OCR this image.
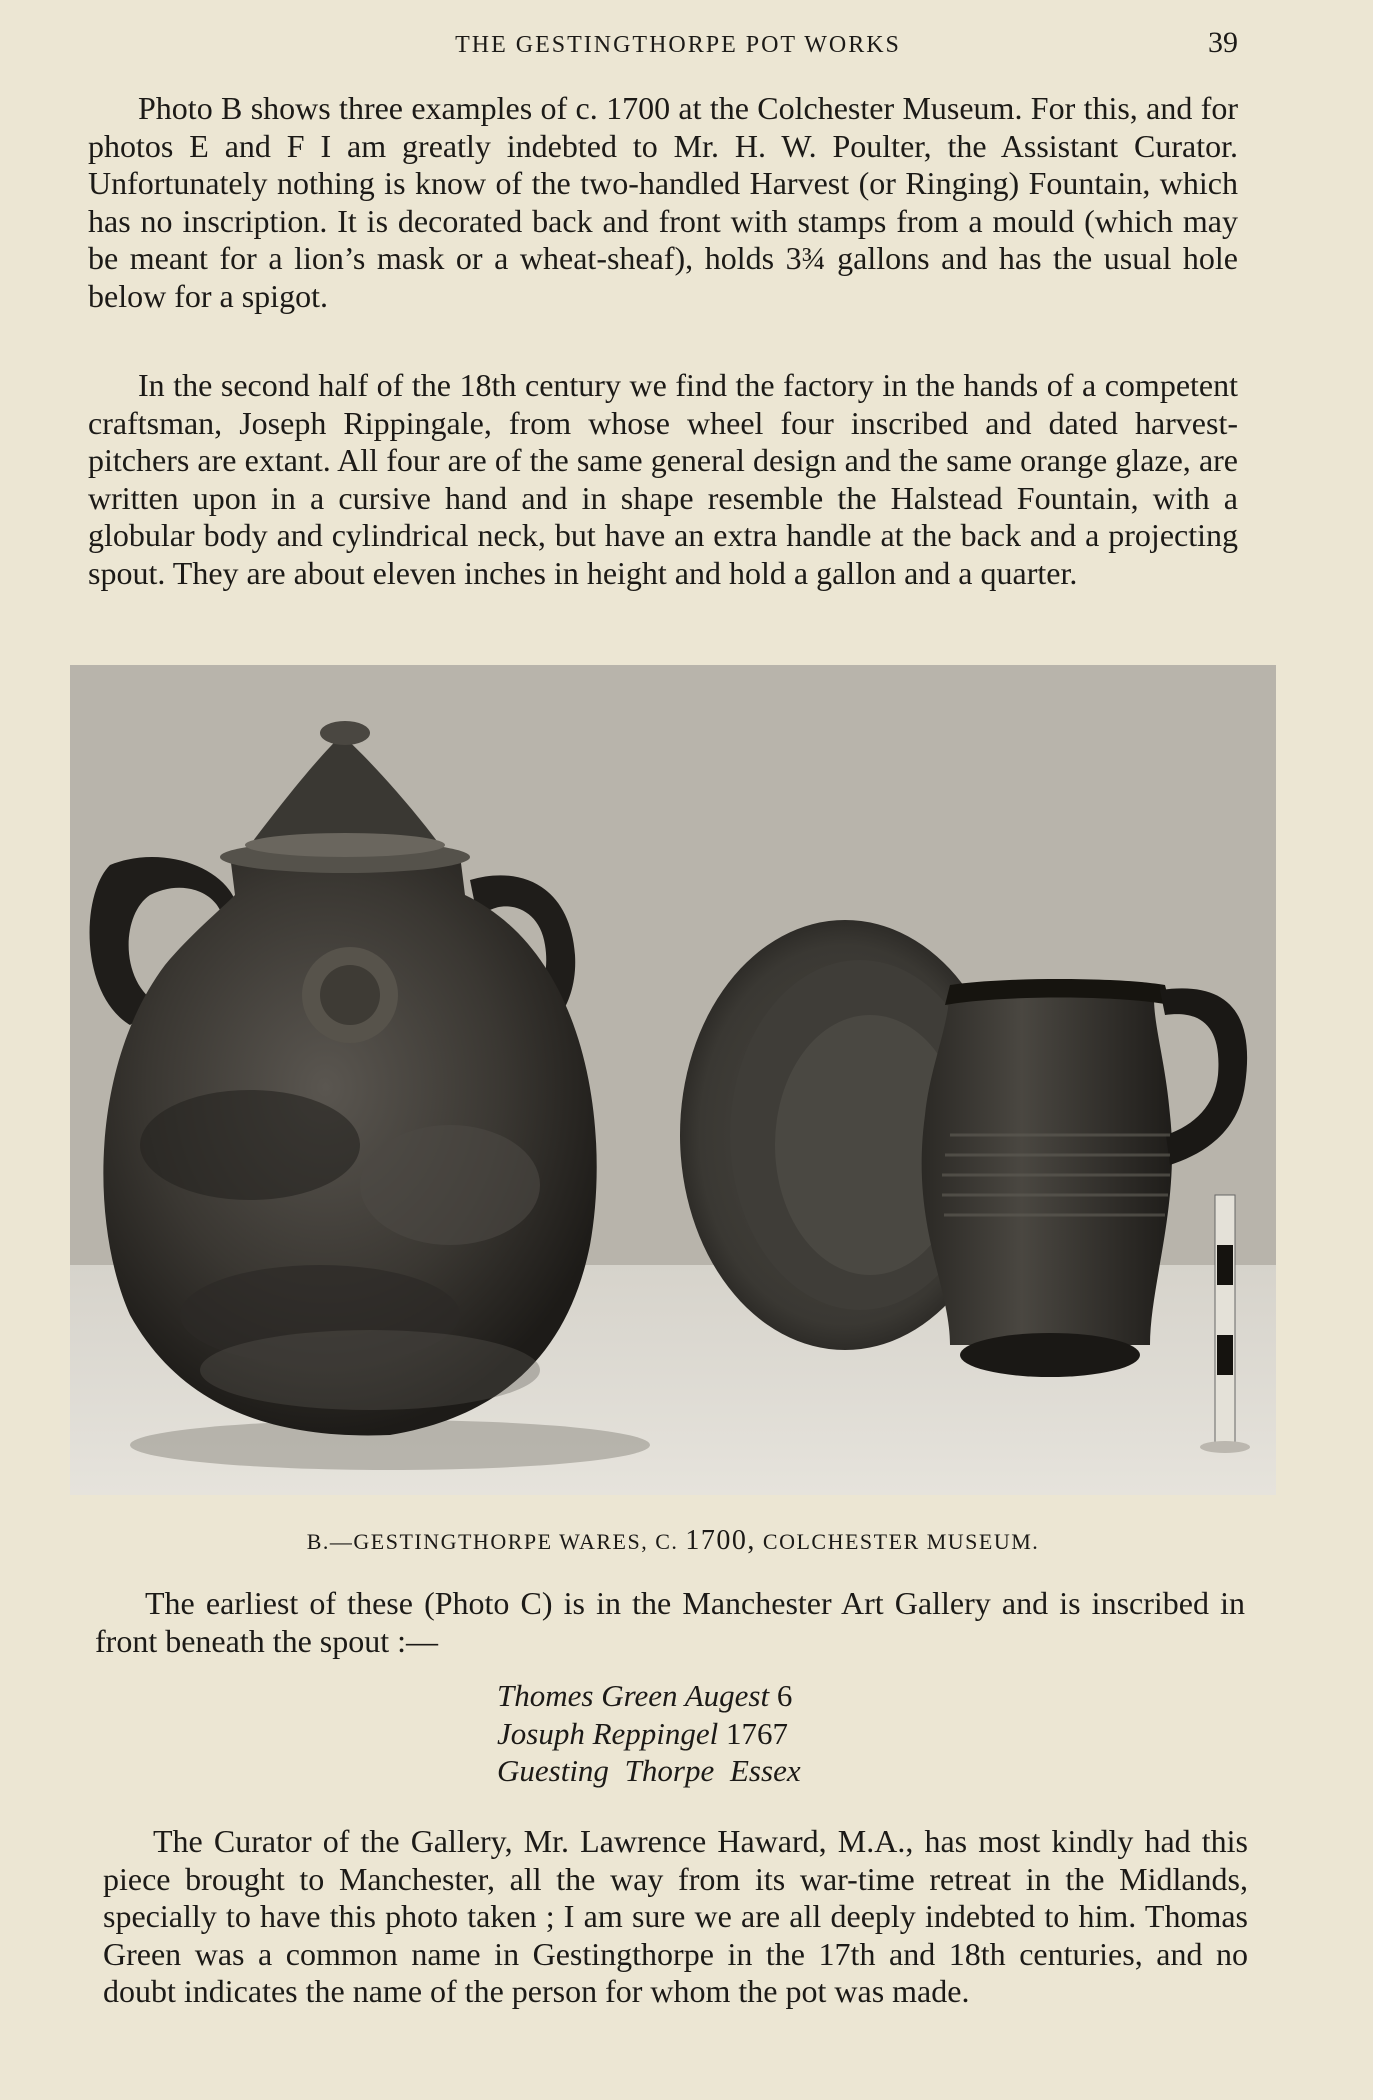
THE GESTINGTHORPE POT WORKS	39

Photo B shows three examples of c. 1700 at the Colchester Museum. For this, and for photos E and F I am greatly indebted to Mr. H. W. Poulter, the Assistant Curator. Unfortunately nothing is know of the two-handled Harvest (or Ringing) Fountain, which has no inscription. It is decorated back and front with stamps from a mould (which may be meant for a lion’s mask or a wheat-sheaf), holds 3¾ gallons and has the usual hole below for a spigot.

In the second half of the 18th century we find the factory in the hands of a competent craftsman, Joseph Rippingale, from whose wheel four inscribed and dated harvest-pitchers are extant. All four are of the same general design and the same orange glaze, are written upon in a cursive hand and in shape resemble the Halstead Fountain, with a globular body and cylindrical neck, but have an extra handle at the back and a projecting spout. They are about eleven inches in height and hold a gallon and a quarter.

B.—GESTINGTHORPE WARES, C. 1700, COLCHESTER MUSEUM.

The earliest of these (Photo C) is in the Manchester Art Gallery and is inscribed in front beneath the spout :—

Thomes Green Augest 6
Josuph Reppingel 1767
Guesting Thorpe Essex

The Curator of the Gallery, Mr. Lawrence Haward, M.A., has most kindly had this piece brought to Manchester, all the way from its war-time retreat in the Midlands, specially to have this photo taken ; I am sure we are all deeply indebted to him. Thomas Green was a common name in Gestingthorpe in the 17th and 18th centuries, and no doubt indicates the name of the person for whom the pot was made.
